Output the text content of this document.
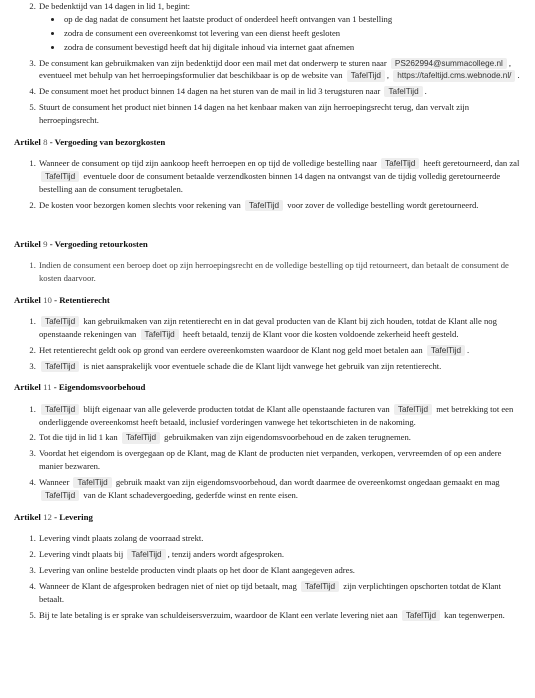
2. De bedenktijd van 14 dagen in lid 1, begint:
• op de dag nadat de consument het laatste product of onderdeel heeft ontvangen van 1 bestelling
• zodra de consument een overeenkomst tot levering van een dienst heeft gesloten
• zodra de consument bevestigd heeft dat hij digitale inhoud via internet gaat afnemen
3. De consument kan gebruikmaken van zijn bedenktijd door een mail met dat onderwerp te sturen naar PS262994@summacollege.nl , eventueel met behulp van het herroepingsformulier dat beschikbaar is op de website van TafelTijd , https://tafeltijd.cms.webnode.nl/ .
4. De consument moet het product binnen 14 dagen na het sturen van de mail in lid 3 terugsturen naar TafelTijd .
5. Stuurt de consument het product niet binnen 14 dagen na het kenbaar maken van zijn herroepingsrecht terug, dan vervalt zijn herroepingsrecht.
Artikel 8 - Vergoeding van bezorgkosten
1. Wanneer de consument op tijd zijn aankoop heeft herroepen en op tijd de volledige bestelling naar TafelTijd heeft geretourneerd, dan zal TafelTijd eventuele door de consument betaalde verzendkosten binnen 14 dagen na ontvangst van de tijdig volledig geretourneerde bestelling aan de consument terugbetalen.
2. De kosten voor bezorgen komen slechts voor rekening van TafelTijd voor zover de volledige bestelling wordt geretourneerd.
Artikel 9 - Vergoeding retourkosten
1. Indien de consument een beroep doet op zijn herroepingsrecht en de volledige bestelling op tijd retourneert, dan betaalt de consument de kosten daarvoor.
Artikel 10 - Retentierecht
1. TafelTijd kan gebruikmaken van zijn retentierecht en in dat geval producten van de Klant bij zich houden, totdat de Klant alle nog openstaande rekeningen van TafelTijd heeft betaald, tenzij de Klant voor die kosten voldoende zekerheid heeft gesteld.
2. Het retentierecht geldt ook op grond van eerdere overeenkomsten waardoor de Klant nog geld moet betalen aan TafelTijd .
3. TafelTijd is niet aansprakelijk voor eventuele schade die de Klant lijdt vanwege het gebruik van zijn retentierecht.
Artikel 11 - Eigendomsvoorbehoud
1. TafelTijd blijft eigenaar van alle geleverde producten totdat de Klant alle openstaande facturen van TafelTijd met betrekking tot een onderliggende overeenkomst heeft betaald, inclusief vorderingen vanwege het tekortschieten in de nakoming.
2. Tot die tijd in lid 1 kan TafelTijd gebruikmaken van zijn eigendomsvoorbehoud en de zaken terugnemen.
3. Voordat het eigendom is overgegaan op de Klant, mag de Klant de producten niet verpanden, verkopen, vervreemden of op een andere manier bezwaren.
4. Wanneer TafelTijd gebruik maakt van zijn eigendomsvoorbehoud, dan wordt daarmee de overeenkomst ongedaan gemaakt en mag TafelTijd van de Klant schadevergoeding, gederfde winst en rente eisen.
Artikel 12 - Levering
1. Levering vindt plaats zolang de voorraad strekt.
2. Levering vindt plaats bij TafelTijd , tenzij anders wordt afgesproken.
3. Levering van online bestelde producten vindt plaats op het door de Klant aangegeven adres.
4. Wanneer de Klant de afgesproken bedragen niet of niet op tijd betaalt, mag TafelTijd zijn verplichtingen opschorten totdat de Klant betaalt.
5. Bij te late betaling is er sprake van schuldeisersverzuim, waardoor de Klant een verlate levering niet aan TafelTijd kan tegenwerpen.
